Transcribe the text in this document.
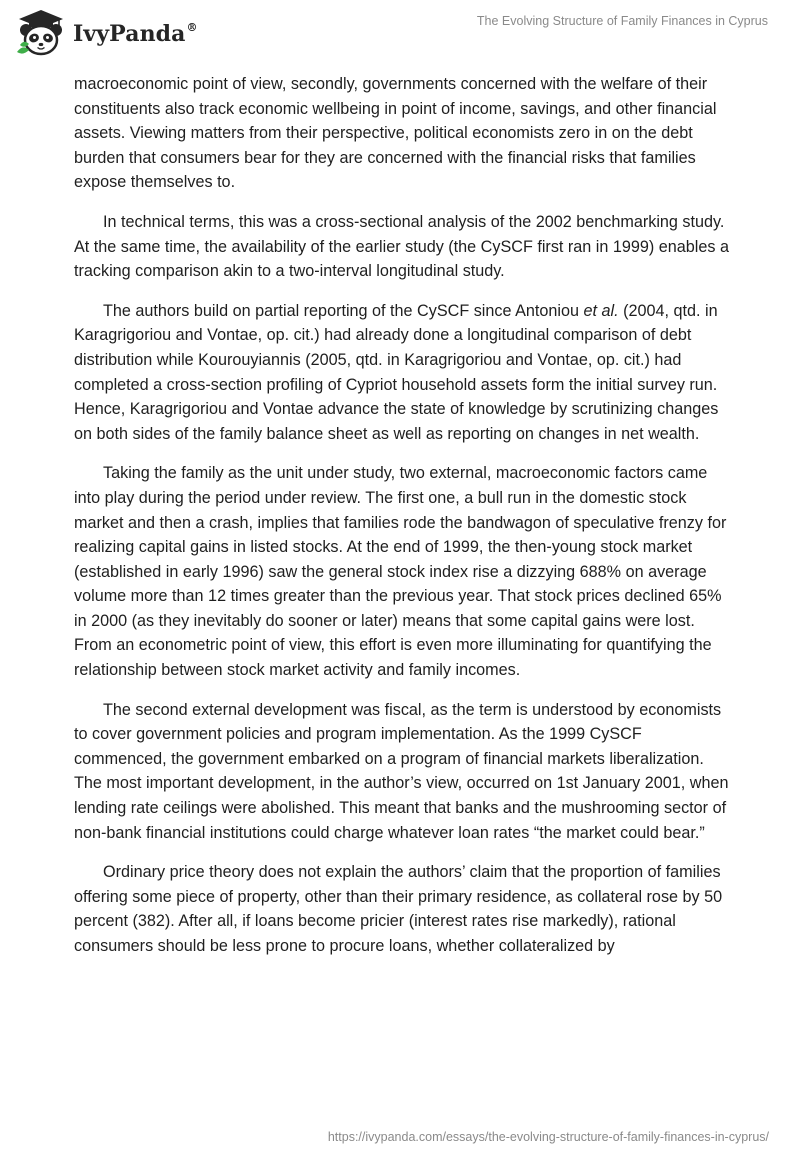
IvyPanda®	The Evolving Structure of Family Finances in Cyprus

macroeconomic point of view, secondly, governments concerned with the welfare of their constituents also track economic wellbeing in point of income, savings, and other financial assets. Viewing matters from their perspective, political economists zero in on the debt burden that consumers bear for they are concerned with the financial risks that families expose themselves to.

In technical terms, this was a cross-sectional analysis of the 2002 benchmarking study. At the same time, the availability of the earlier study (the CySCF first ran in 1999) enables a tracking comparison akin to a two-interval longitudinal study.

The authors build on partial reporting of the CySCF since Antoniou et al. (2004, qtd. in Karagrigoriou and Vontae, op. cit.) had already done a longitudinal comparison of debt distribution while Kourouyiannis (2005, qtd. in Karagrigoriou and Vontae, op. cit.) had completed a cross-section profiling of Cypriot household assets form the initial survey run. Hence, Karagrigoriou and Vontae advance the state of knowledge by scrutinizing changes on both sides of the family balance sheet as well as reporting on changes in net wealth.

Taking the family as the unit under study, two external, macroeconomic factors came into play during the period under review. The first one, a bull run in the domestic stock market and then a crash, implies that families rode the bandwagon of speculative frenzy for realizing capital gains in listed stocks. At the end of 1999, the then-young stock market (established in early 1996) saw the general stock index rise a dizzying 688% on average volume more than 12 times greater than the previous year. That stock prices declined 65% in 2000 (as they inevitably do sooner or later) means that some capital gains were lost. From an econometric point of view, this effort is even more illuminating for quantifying the relationship between stock market activity and family incomes.

The second external development was fiscal, as the term is understood by economists to cover government policies and program implementation. As the 1999 CySCF commenced, the government embarked on a program of financial markets liberalization. The most important development, in the author’s view, occurred on 1st January 2001, when lending rate ceilings were abolished. This meant that banks and the mushrooming sector of non-bank financial institutions could charge whatever loan rates “the market could bear.”

Ordinary price theory does not explain the authors’ claim that the proportion of families offering some piece of property, other than their primary residence, as collateral rose by 50 percent (382). After all, if loans become pricier (interest rates rise markedly), rational consumers should be less prone to procure loans, whether collateralized by

https://ivypanda.com/essays/the-evolving-structure-of-family-finances-in-cyprus/
